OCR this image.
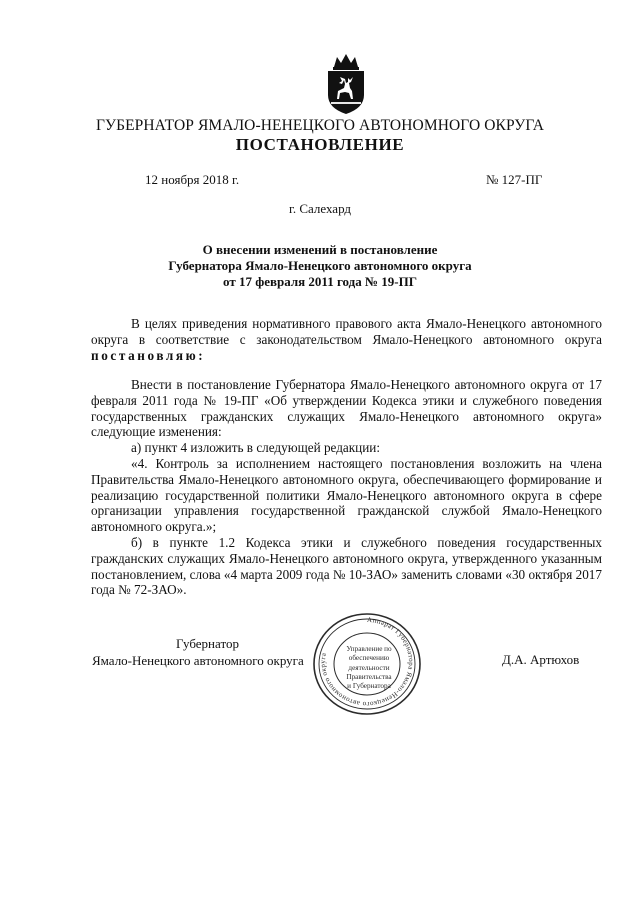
ГУБЕРНАТОР ЯМАЛО-НЕНЕЦКОГО АВТОНОМНОГО ОКРУГА
ПОСТАНОВЛЕНИЕ
12 ноября 2018 г.	№ 127-ПГ
г. Салехард
О внесении изменений в постановление
Губернатора Ямало-Ненецкого автономного округа
от 17 февраля 2011 года № 19-ПГ

В целях приведения нормативного правового акта Ямало-Ненецкого автономного округа в соответствие с законодательством Ямало-Ненецкого автономного округа постановляю:

Внести в постановление Губернатора Ямало-Ненецкого автономного округа от 17 февраля 2011 года № 19-ПГ «Об утверждении Кодекса этики и служебного поведения государственных гражданских служащих Ямало-Ненецкого автономного округа» следующие изменения:

а) пункт 4 изложить в следующей редакции:

«4. Контроль за исполнением настоящего постановления возложить на члена Правительства Ямало-Ненецкого автономного округа, обеспечивающего формирование и реализацию государственной политики Ямало-Ненецкого автономного округа в сфере организации управления государственной гражданской службой Ямало-Ненецкого автономного округа.»;

б) в пункте 1.2 Кодекса этики и служебного поведения государственных гражданских служащих Ямало-Ненецкого автономного округа, утвержденного указанным постановлением, слова «4 марта 2009 года № 10-ЗАО» заменить словами «30 октября 2017 года № 72-ЗАО».

Губернатор
Ямало-Ненецкого автономного округа
Аппарат Губернатора Ямало-Ненецкого автономного округа
Управление по
обеспечению
деятельности
Правительства
и Губернатора
Д.А. Артюхов
